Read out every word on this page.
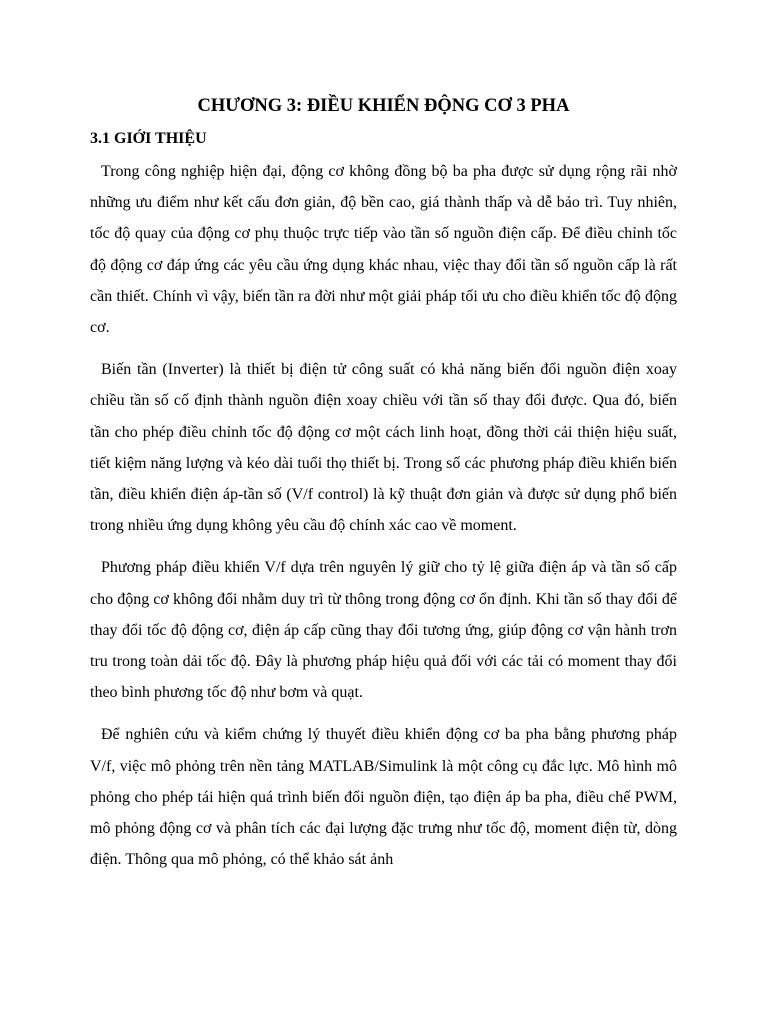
CHƯƠNG 3: ĐIỀU KHIỂN ĐỘNG CƠ 3 PHA
3.1 GIỚI THIỆU

Trong công nghiệp hiện đại, động cơ không đồng bộ ba pha được sử dụng rộng rãi nhờ những ưu điểm như kết cấu đơn giản, độ bền cao, giá thành thấp và dễ bảo trì. Tuy nhiên, tốc độ quay của động cơ phụ thuộc trực tiếp vào tần số nguồn điện cấp. Để điều chỉnh tốc độ động cơ đáp ứng các yêu cầu ứng dụng khác nhau, việc thay đổi tần số nguồn cấp là rất cần thiết. Chính vì vậy, biến tần ra đời như một giải pháp tối ưu cho điều khiển tốc độ động cơ.

Biến tần (Inverter) là thiết bị điện tử công suất có khả năng biến đổi nguồn điện xoay chiều tần số cố định thành nguồn điện xoay chiều với tần số thay đổi được. Qua đó, biến tần cho phép điều chỉnh tốc độ động cơ một cách linh hoạt, đồng thời cải thiện hiệu suất, tiết kiệm năng lượng và kéo dài tuổi thọ thiết bị. Trong số các phương pháp điều khiển biến tần, điều khiển điện áp-tần số (V/f control) là kỹ thuật đơn giản và được sử dụng phổ biến trong nhiều ứng dụng không yêu cầu độ chính xác cao về moment.

Phương pháp điều khiển V/f dựa trên nguyên lý giữ cho tỷ lệ giữa điện áp và tần số cấp cho động cơ không đổi nhằm duy trì từ thông trong động cơ ổn định. Khi tần số thay đổi để thay đổi tốc độ động cơ, điện áp cấp cũng thay đổi tương ứng, giúp động cơ vận hành trơn tru trong toàn dải tốc độ. Đây là phương pháp hiệu quả đối với các tải có moment thay đổi theo bình phương tốc độ như bơm và quạt.

Để nghiên cứu và kiểm chứng lý thuyết điều khiển động cơ ba pha bằng phương pháp V/f, việc mô phỏng trên nền tảng MATLAB/Simulink là một công cụ đắc lực. Mô hình mô phỏng cho phép tái hiện quá trình biến đổi nguồn điện, tạo điện áp ba pha, điều chế PWM, mô phỏng động cơ và phân tích các đại lượng đặc trưng như tốc độ, moment điện từ, dòng điện. Thông qua mô phỏng, có thể khảo sát ảnh
